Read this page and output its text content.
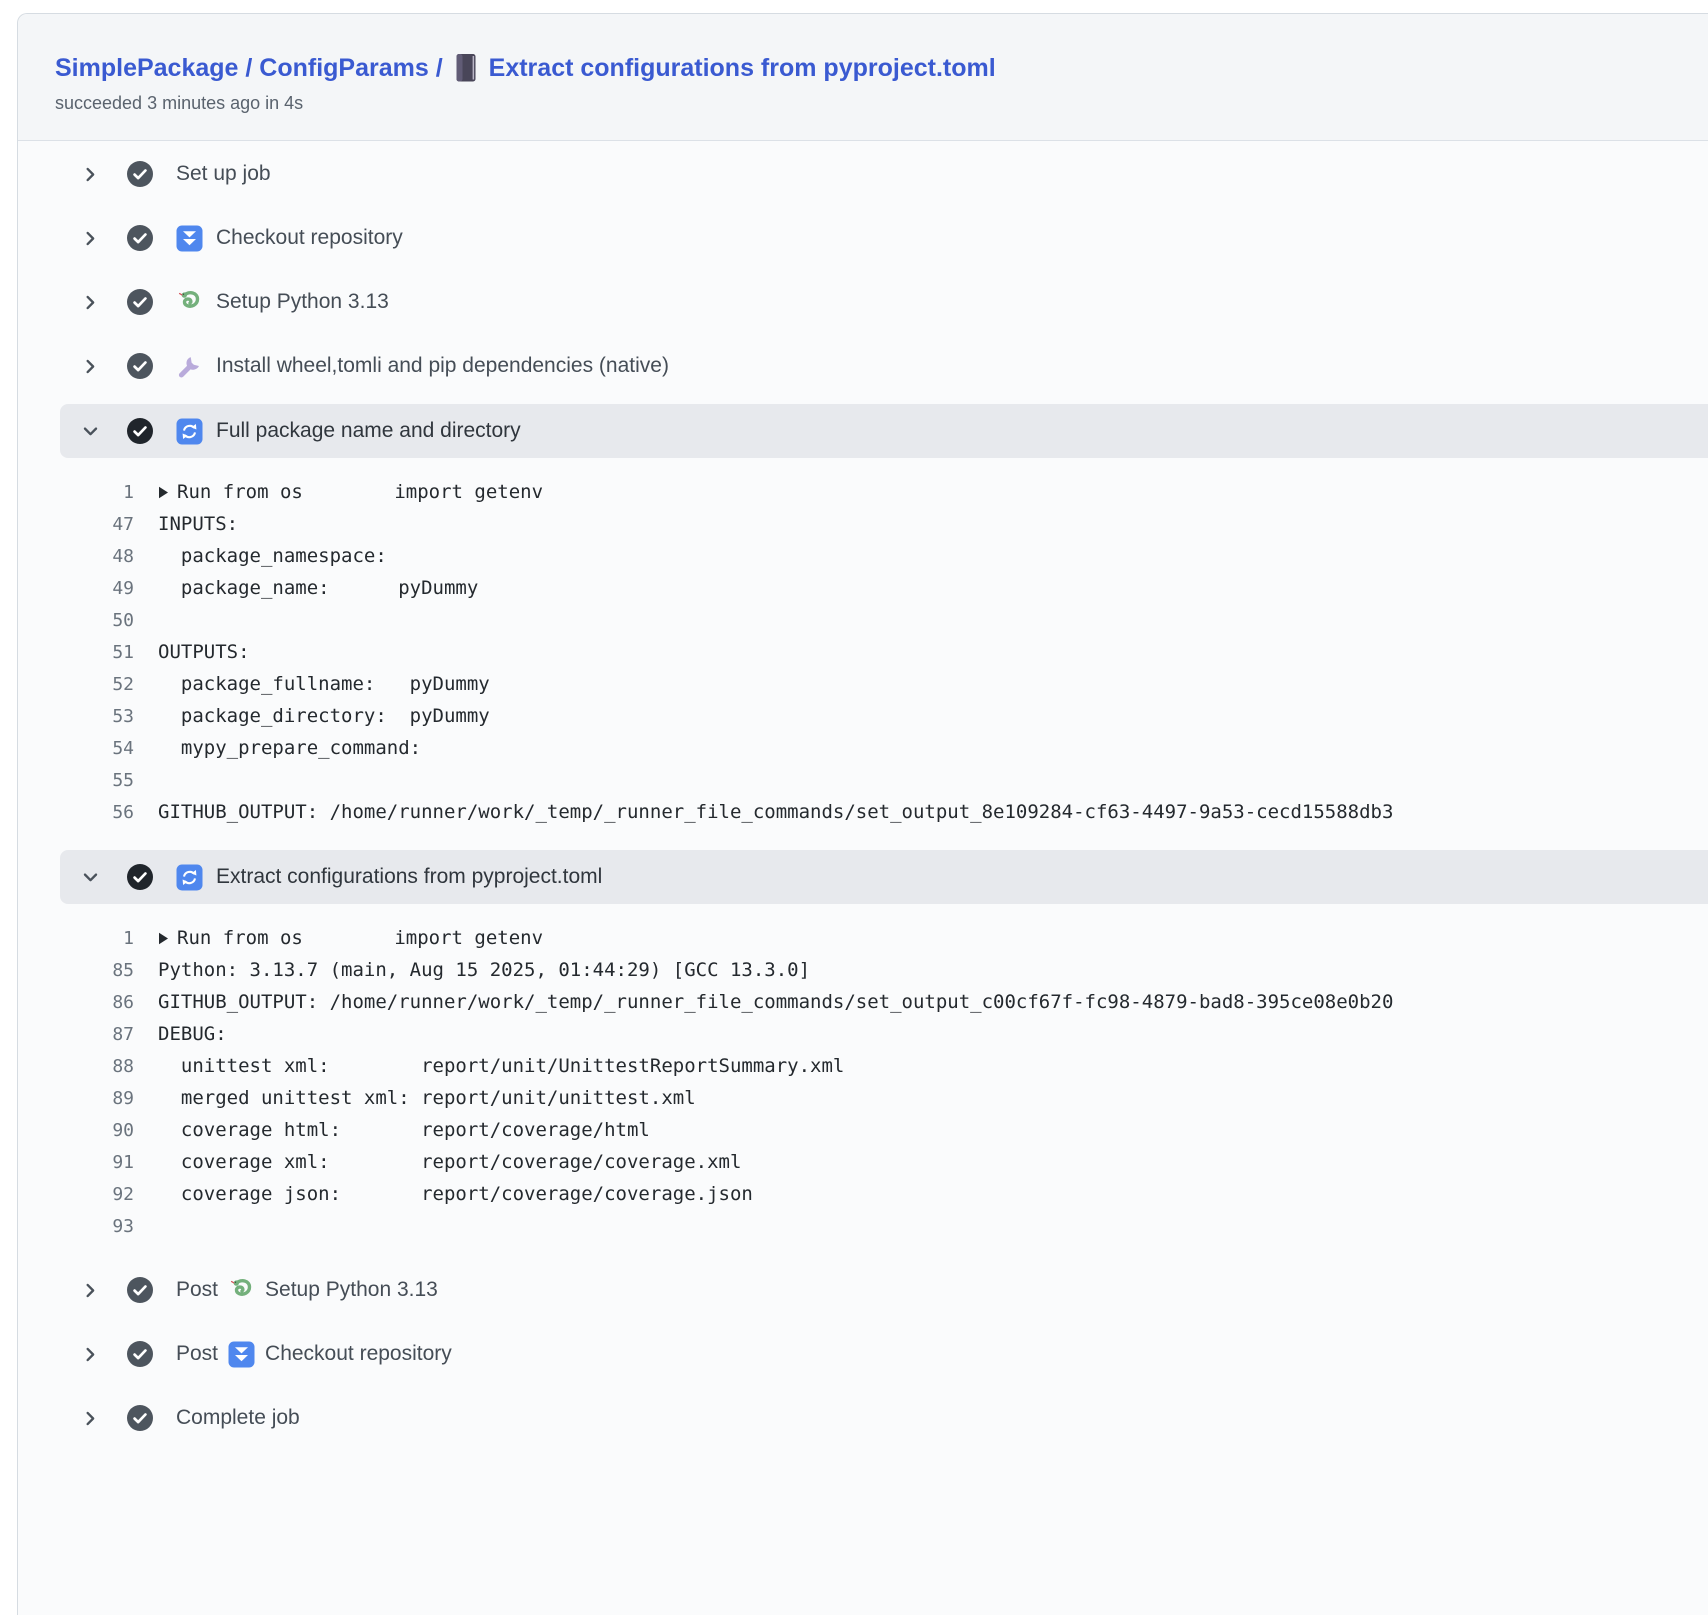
SimplePackage / ConfigParams / Extract configurations from pyproject.toml
succeeded 3 minutes ago in 4s
Set up job
Checkout repository
Setup Python 3.13
Install wheel,tomli and pip dependencies (native)
Full package name and directory
1 Run from os        import getenv
47 INPUTS:
48 package_namespace:
49 package_name:      pyDummy
50
51 OUTPUTS:
52 package_fullname:   pyDummy
53 package_directory:  pyDummy
54 mypy_prepare_command:
55
56 GITHUB_OUTPUT: /home/runner/work/_temp/_runner_file_commands/set_output_8e109284-cf63-4497-9a53-cecd15588db3
Extract configurations from pyproject.toml
1 Run from os        import getenv
85 Python: 3.13.7 (main, Aug 15 2025, 01:44:29) [GCC 13.3.0]
86 GITHUB_OUTPUT: /home/runner/work/_temp/_runner_file_commands/set_output_c00cf67f-fc98-4879-bad8-395ce08e0b20
87 DEBUG:
88 unittest xml:        report/unit/UnittestReportSummary.xml
89 merged unittest xml: report/unit/unittest.xml
90 coverage html:       report/coverage/html
91 coverage xml:        report/coverage/coverage.xml
92 coverage json:       report/coverage/coverage.json
93
Post Setup Python 3.13
Post Checkout repository
Complete job
